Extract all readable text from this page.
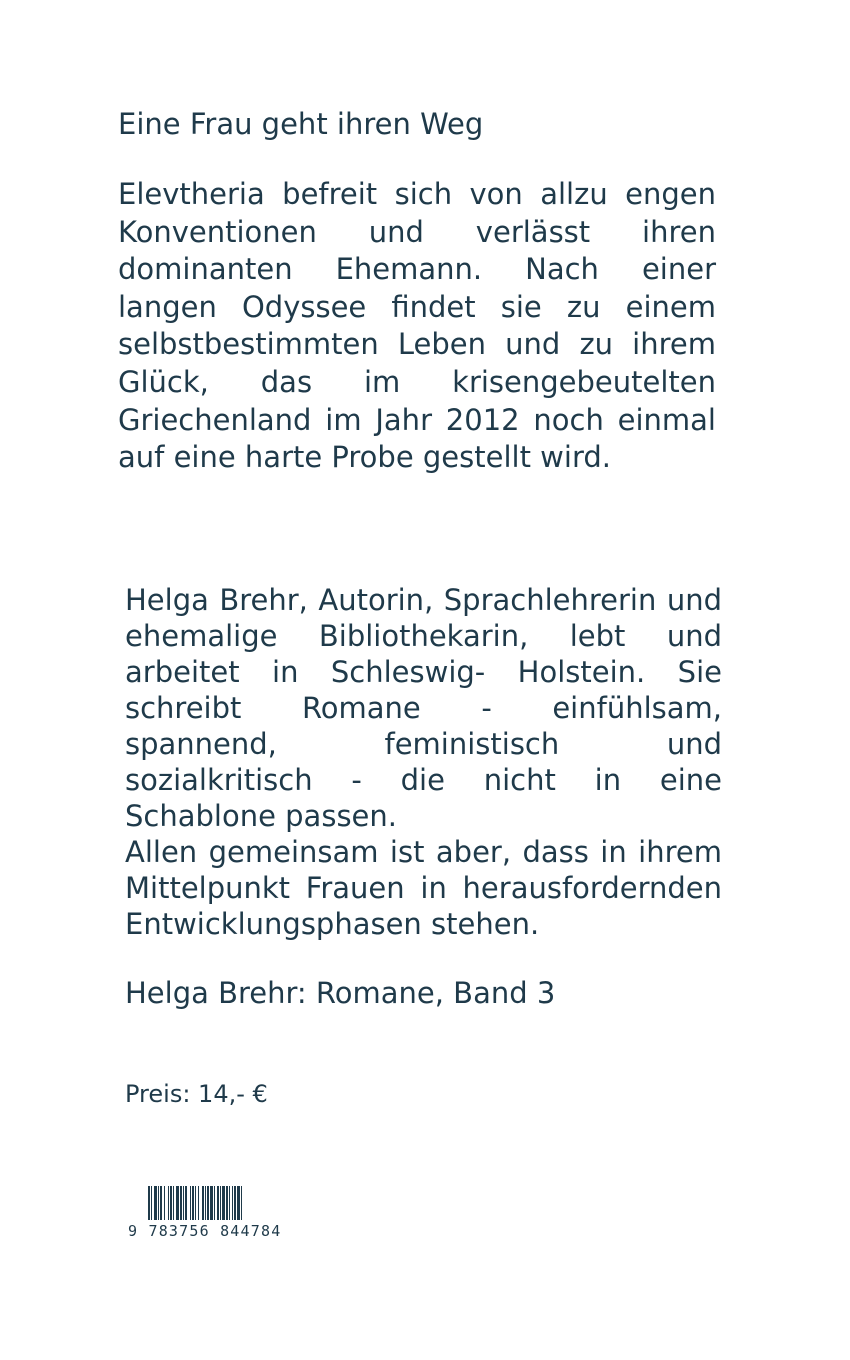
Eine Frau geht ihren Weg

Elevtheria befreit sich von allzu engen Konventionen und verlässt ihren dominanten Ehemann. Nach einer langen Odyssee findet sie zu einem selbstbestimmten Leben und zu ihrem Glück, das im krisengebeutelten Griechenland im Jahr 2012 noch einmal auf eine harte Probe gestellt wird.

Helga Brehr, Autorin, Sprachlehrerin und ehemalige Bibliothekarin, lebt und arbeitet in Schleswig- Holstein. Sie schreibt Romane - einfühlsam, spannend, feministisch und sozialkritisch - die nicht in eine Schablone passen.

Allen gemeinsam ist aber, dass in ihrem Mittelpunkt Frauen in herausfordernden Entwicklungsphasen stehen.

Helga Brehr: Romane, Band 3

Preis: 14,- €

9 783756 844784
